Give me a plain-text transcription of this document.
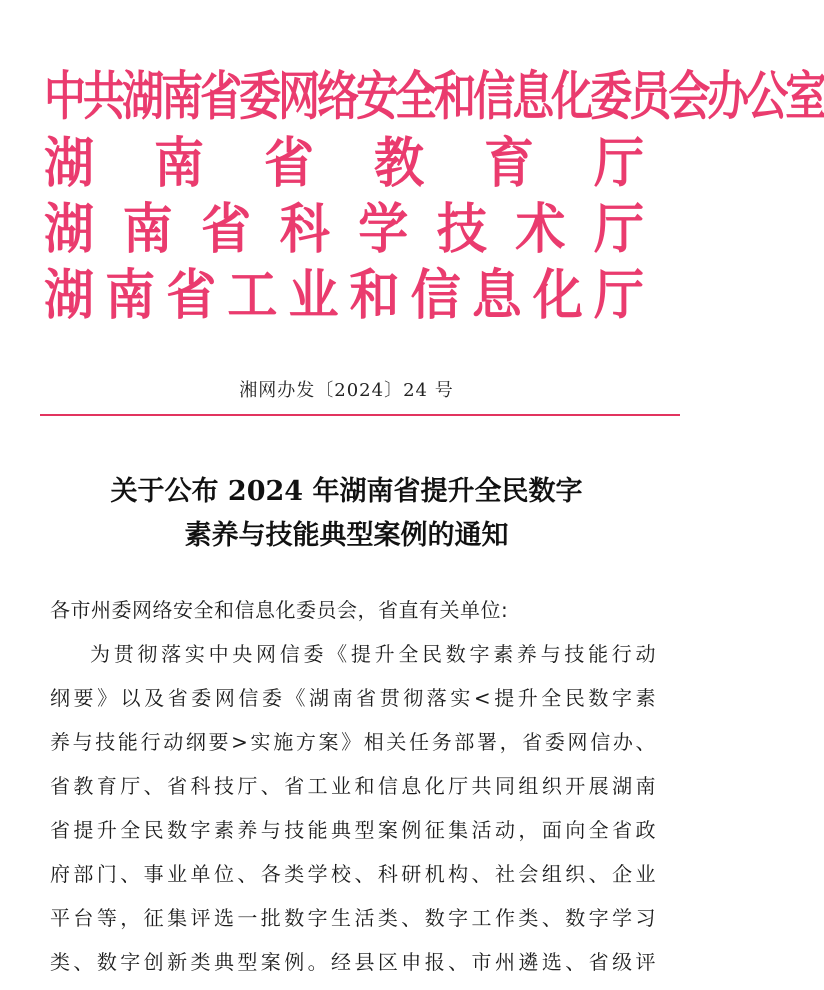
中 共 湖 南 省 委 网 络 安 全 和 信 息 化 委 员 会 办 公 室
湖 南 省 教 育 厅
湖 南 省 科 学 技 术 厅
湖 南 省 工 业 和 信 息 化 厅
湘网办发〔2024〕24 号
关于公布 2024 年湖南省提升全民数字
素养与技能典型案例的通知

各市州委网络安全和信息化委员会，省直有关单位:

为贯彻落实中央网信委《提升全民数字素养与技能行动

纲要》以及省委网信委《湖南省贯彻落实<提升全民数字素

养与技能行动纲要>实施方案》相关任务部署，省委网信办、

省教育厅、省科技厅、省工业和信息化厅共同组织开展湖南

省提升全民数字素养与技能典型案例征集活动，面向全省政

府部门、事业单位、各类学校、科研机构、社会组织、企业

平台等，征集评选一批数字生活类、数字工作类、数字学习

类、数字创新类典型案例。经县区申报、市州遴选、省级评
